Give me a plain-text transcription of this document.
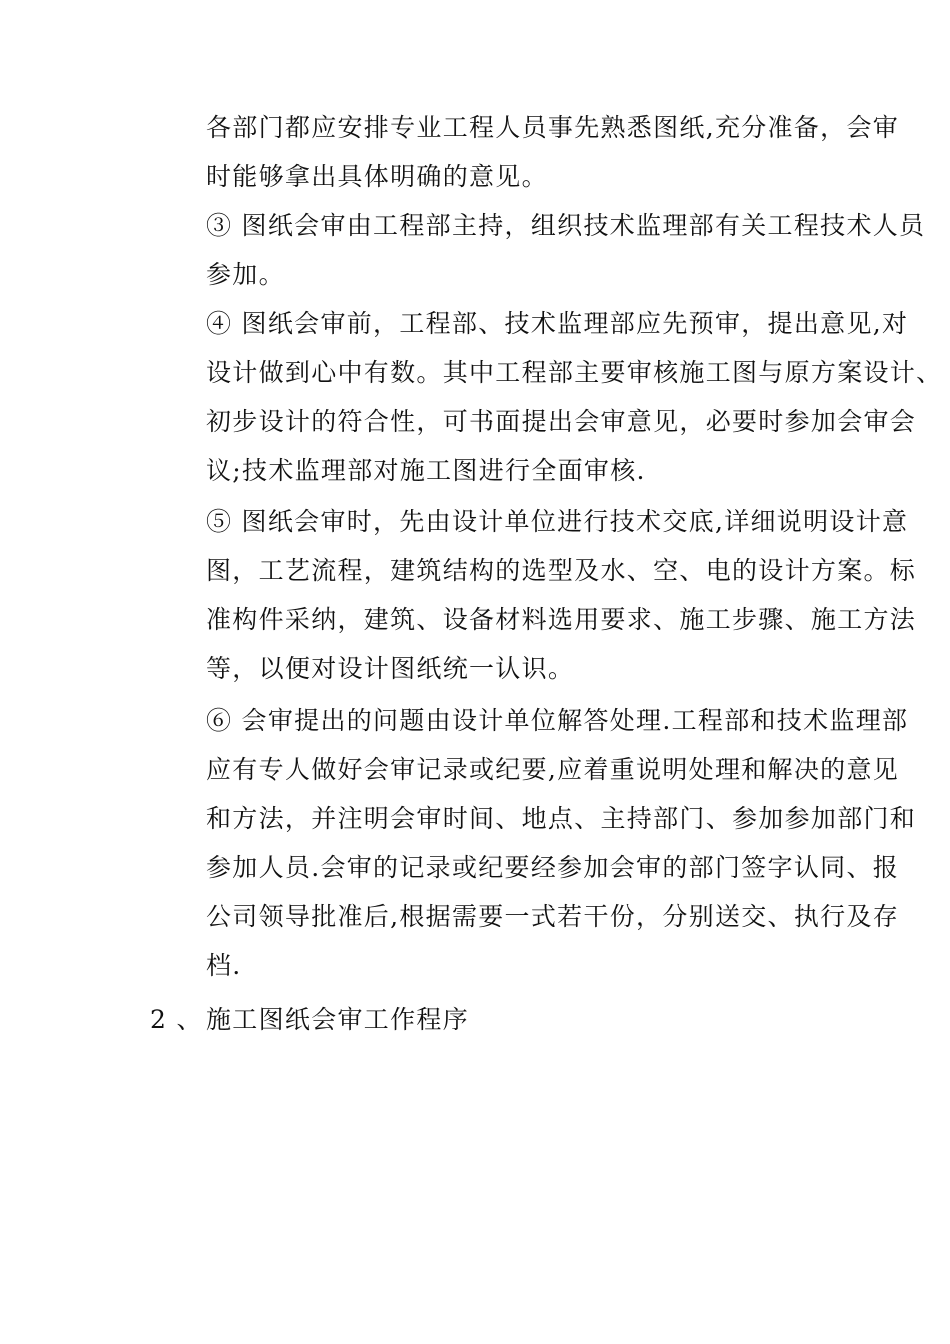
各部门都应安排专业工程人员事先熟悉图纸,充分准备，会审
时能够拿出具体明确的意见。
③ 图纸会审由工程部主持，组织技术监理部有关工程技术人员
参加。
④ 图纸会审前，工程部、技术监理部应先预审，提出意见,对
设计做到心中有数。其中工程部主要审核施工图与原方案设计、
初步设计的符合性，可书面提出会审意见，必要时参加会审会
议;技术监理部对施工图进行全面审核.
⑤ 图纸会审时，先由设计单位进行技术交底,详细说明设计意
图，工艺流程，建筑结构的选型及水、空、电的设计方案。标
准构件采纳，建筑、设备材料选用要求、施工步骤、施工方法
等，以便对设计图纸统一认识。
⑥ 会审提出的问题由设计单位解答处理.工程部和技术监理部
应有专人做好会审记录或纪要,应着重说明处理和解决的意见
和方法，并注明会审时间、地点、主持部门、参加参加部门和
参加人员.会审的记录或纪要经参加会审的部门签字认同、报
公司领导批准后,根据需要一式若干份，分别送交、执行及存
档.
2 、 施工图纸会审工作程序
